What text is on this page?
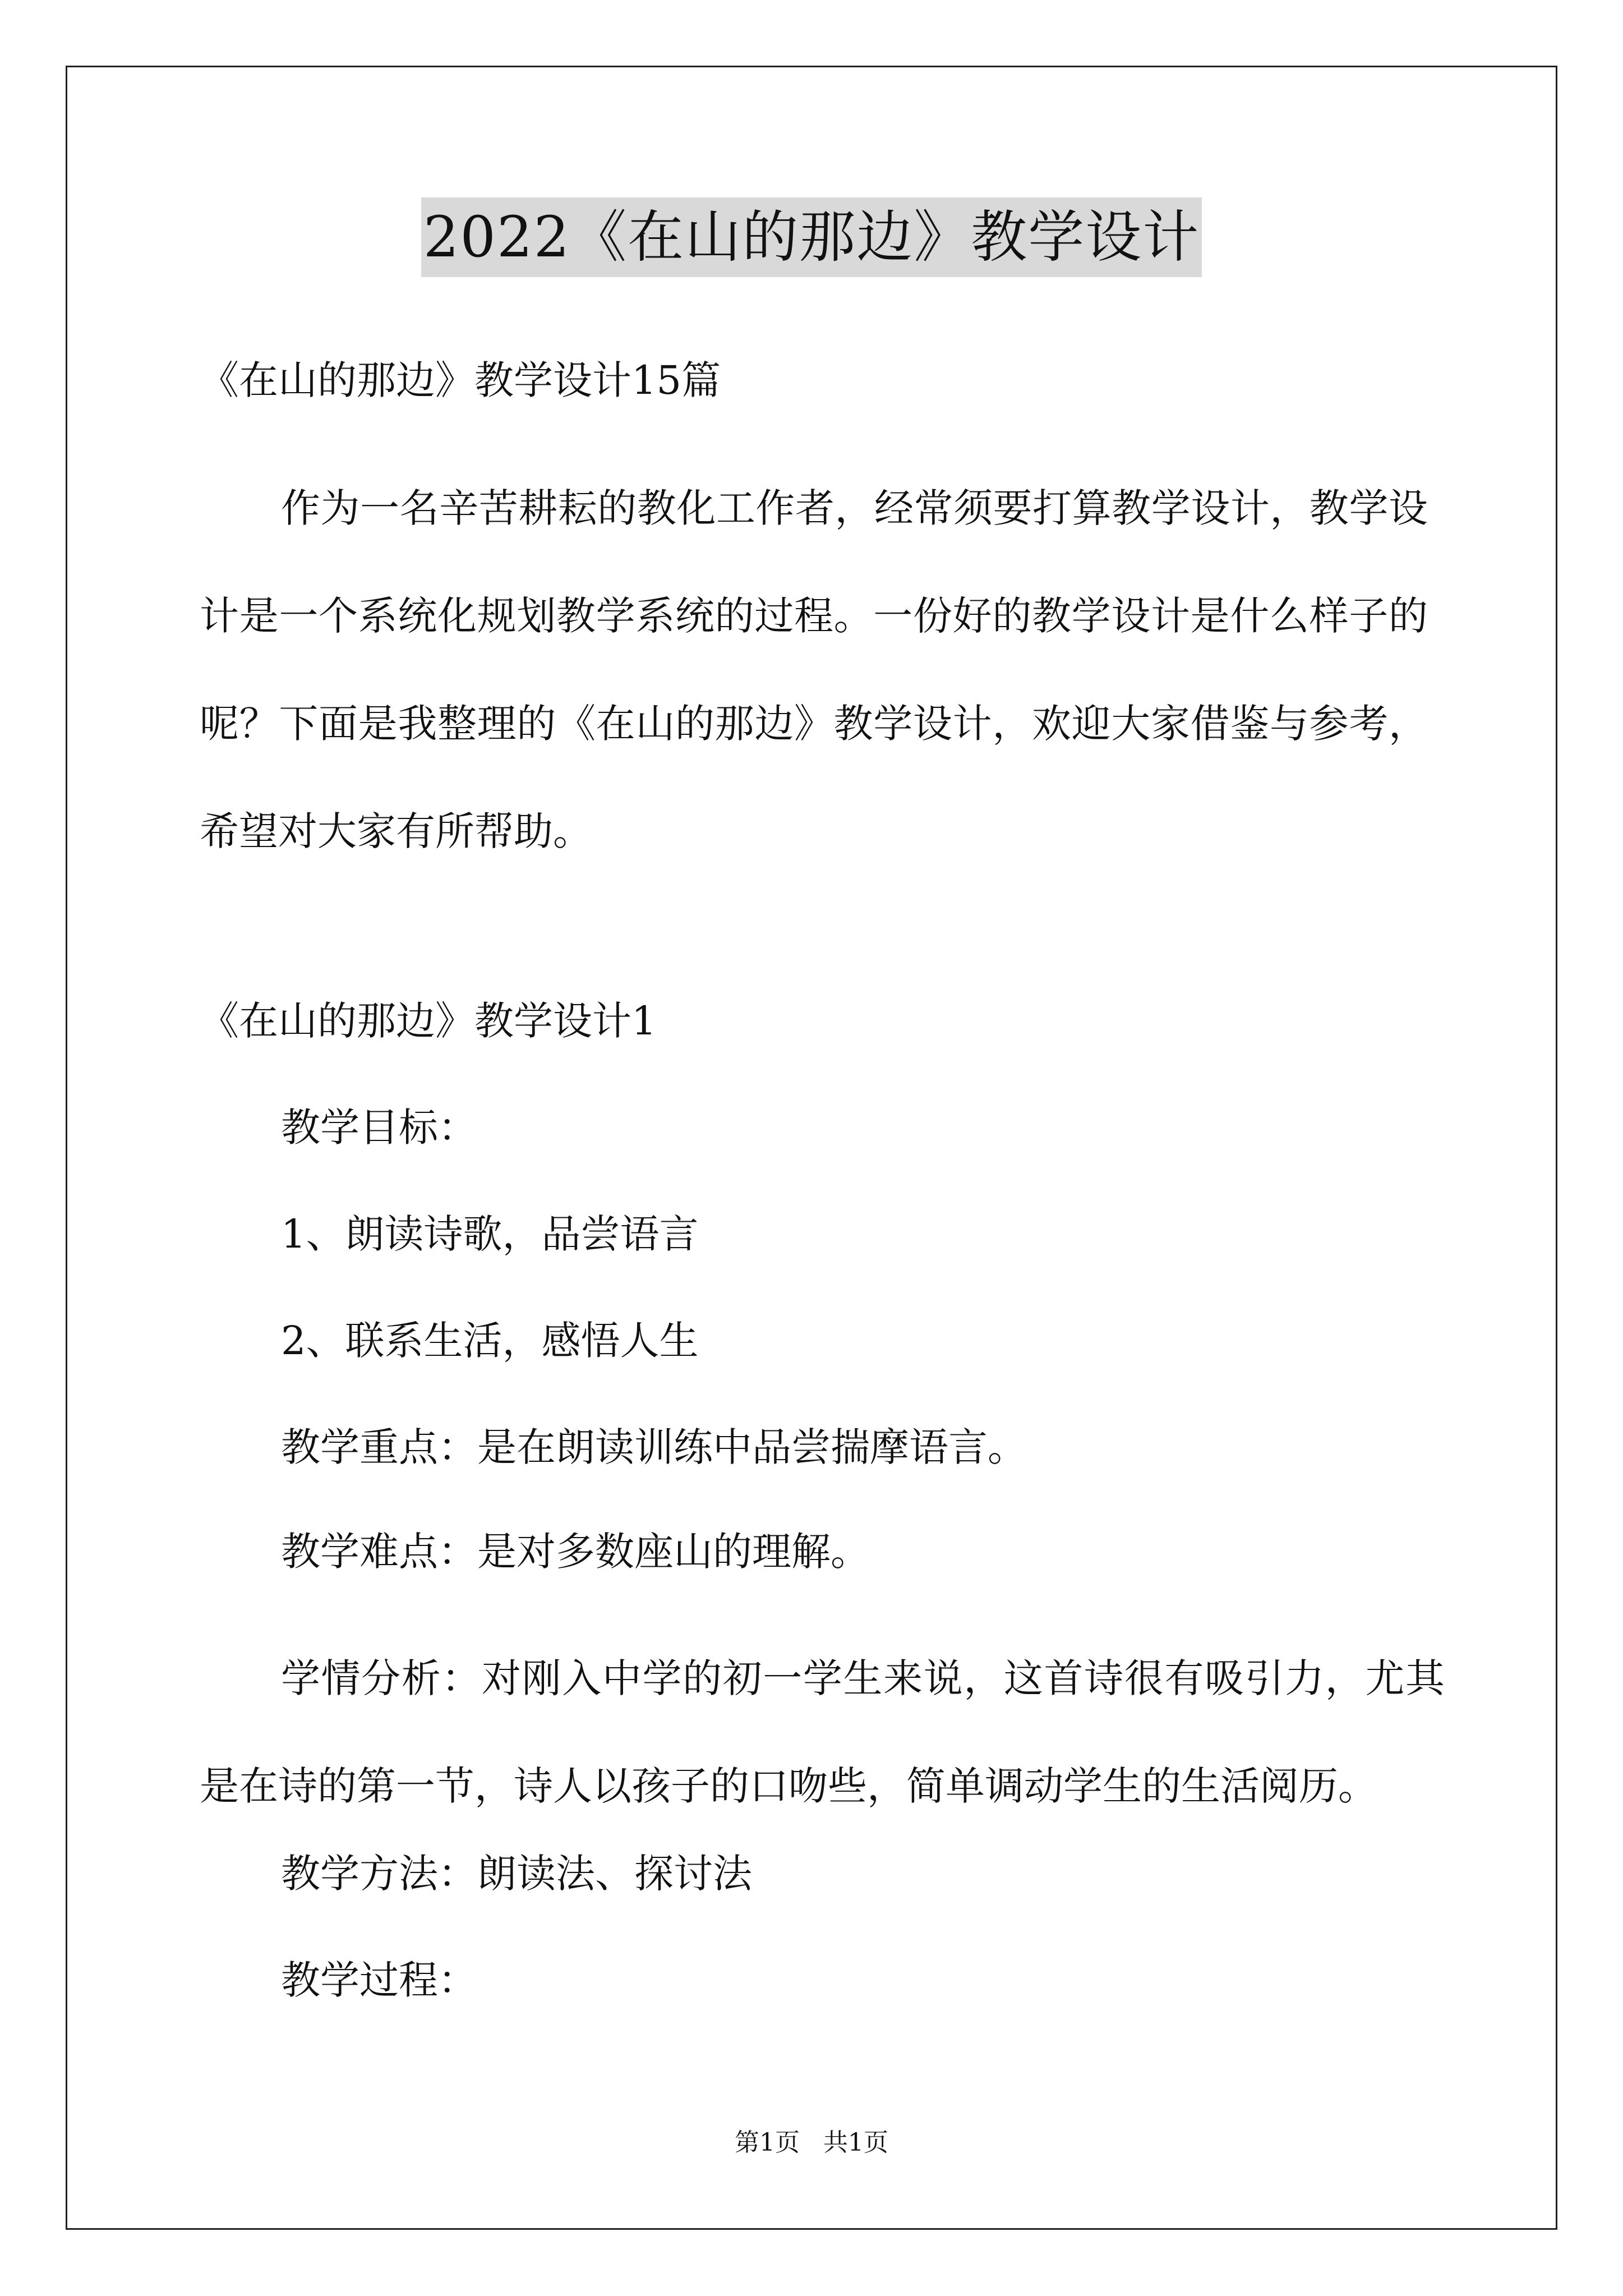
2022《在山的那边》教学设计
《在山的那边》教学设计15篇

作为一名辛苦耕耘的教化工作者，经常须要打算教学设计，教学设计是一个系统化规划教学系统的过程。一份好的教学设计是什么样子的呢？下面是我整理的《在山的那边》教学设计，欢迎大家借鉴与参考，希望对大家有所帮助。

《在山的那边》教学设计1
教学目标：
1、朗读诗歌，品尝语言
2、联系生活，感悟人生
教学重点：是在朗读训练中品尝揣摩语言。
教学难点：是对多数座山的理解。

学情分析：对刚入中学的初一学生来说，这首诗很有吸引力，尤其是在诗的第一节，诗人以孩子的口吻些，简单调动学生的生活阅历。

教学方法：朗读法、探讨法
教学过程：
第1页   共1页
